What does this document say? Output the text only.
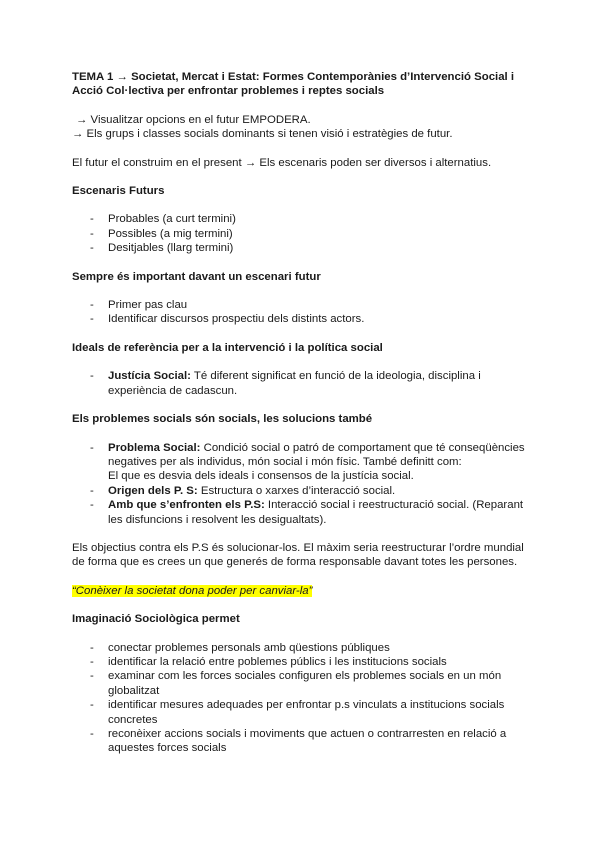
TEMA 1 → Societat, Mercat i Estat: Formes Contemporànies d’Intervenció Social i Acció Col·lectiva per enfrontar problemes i reptes socials

→ Visualitzar opcions en el futur EMPODERA.

→ Els grups i classes socials dominants si tenen visió i estratègies de futur.

El futur el construim en el present → Els escenaris poden ser diversos i alternatius.

Escenaris Futurs

- Probables (a curt termini)
- Possibles (a mig termini)
- Desitjables (llarg termini)

Sempre és important davant un escenari futur

- Primer pas clau
- Identificar discursos prospectiu dels distints actors.

Ideals de referència per a la intervenció i la política social

- Justícia Social: Té diferent significat en funció de la ideologia, disciplina i experiència de cadascun.

Els problemes socials són socials, les solucions també

- Problema Social: Condició social o patró de comportament que té conseqüències negatives per als individus, món social i món físic. També definitt com:
El que es desvia dels ideals i consensos de la justícia social.
- Origen dels P. S: Estructura o xarxes d’interacció social.
- Amb que s’enfronten els P.S: Interacció social i reestructuració social. (Reparant les disfuncions i resolvent les desigualtats).

Els objectius contra els P.S és solucionar-los. El màxim seria reestructurar l’ordre mundial de forma que es crees un que generés de forma responsable davant totes les persones.

“Conèixer la societat dona poder per canviar-la”

Imaginació Sociològica permet

- conectar problemes personals amb qüestions públiques
- identificar la relació entre poblemes públics i les institucions socials
- examinar com les forces sociales configuren els problemes socials en un món globalitzat
- identificar mesures adequades per enfrontar p.s vinculats a institucions socials concretes
- reconèixer accions socials i moviments que actuen o contrarresten en relació a aquestes forces socials
